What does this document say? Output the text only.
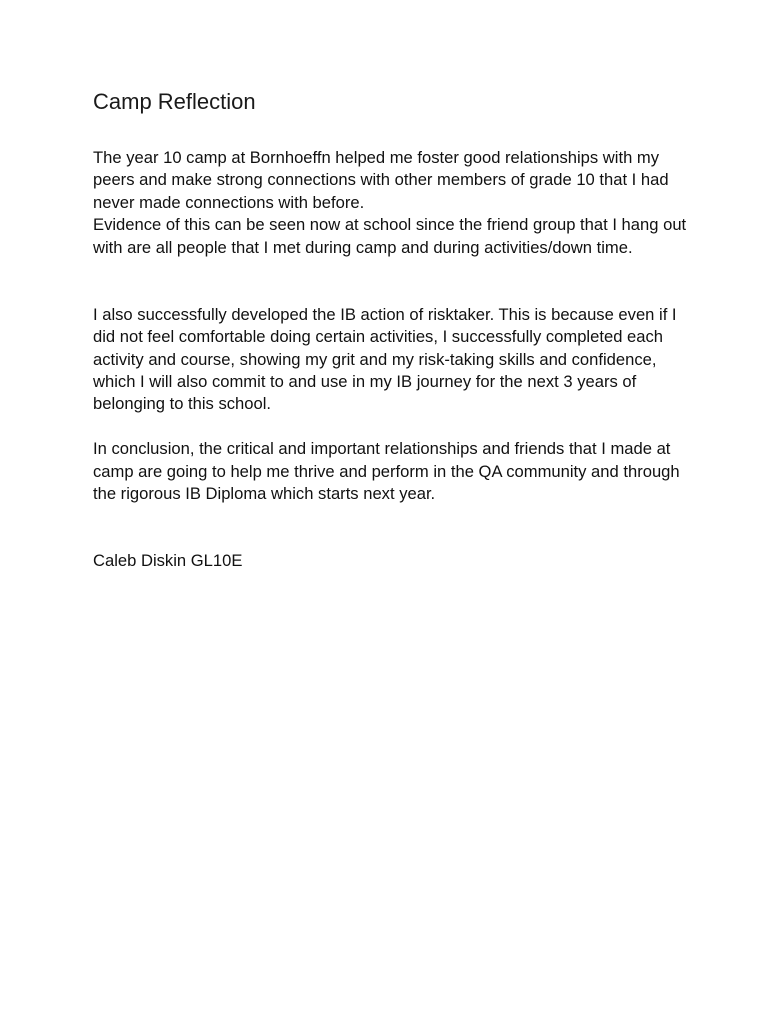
Camp Reflection

The year 10 camp at Bornhoeffn helped me foster good relationships with my peers and make strong connections with other members of grade 10 that I had never made connections with before.

Evidence of this can be seen now at school since the friend group that I hang out with are all people that I met during camp and during activities/down time.

I also successfully developed the IB action of risktaker. This is because even if I did not feel comfortable doing certain activities, I successfully completed each activity and course, showing my grit and my risk-taking skills and confidence, which I will also commit to and use in my IB journey for the next 3 years of belonging to this school.

In conclusion, the critical and important relationships and friends that I made at camp are going to help me thrive and perform in the QA community and through the rigorous IB Diploma which starts next year.

Caleb Diskin GL10E
